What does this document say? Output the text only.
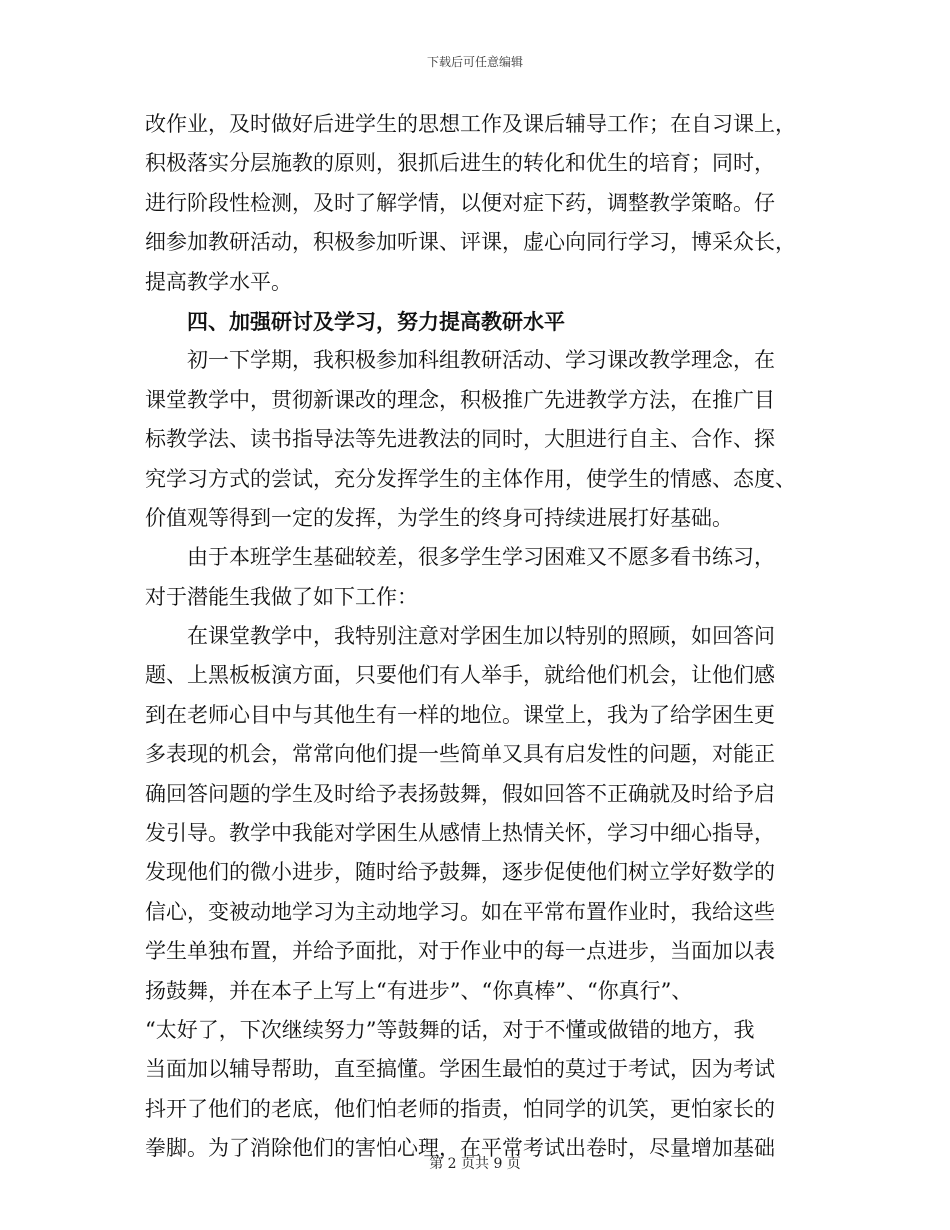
下载后可任意编辑
改作业，及时做好后进学生的思想工作及课后辅导工作；在自习课上，
积极落实分层施教的原则，狠抓后进生的转化和优生的培育；同时，
进行阶段性检测，及时了解学情，以便对症下药，调整教学策略。仔
细参加教研活动，积极参加听课、评课，虚心向同行学习，博采众长，
提高教学水平。
四、加强研讨及学习，努力提高教研水平
初一下学期，我积极参加科组教研活动、学习课改教学理念，在
课堂教学中，贯彻新课改的理念，积极推广先进教学方法，在推广目
标教学法、读书指导法等先进教法的同时，大胆进行自主、合作、探
究学习方式的尝试，充分发挥学生的主体作用，使学生的情感、态度、
价值观等得到一定的发挥，为学生的终身可持续进展打好基础。
由于本班学生基础较差，很多学生学习困难又不愿多看书练习，
对于潜能生我做了如下工作：
在课堂教学中，我特别注意对学困生加以特别的照顾，如回答问
题、上黑板板演方面，只要他们有人举手，就给他们机会，让他们感
到在老师心目中与其他生有一样的地位。课堂上，我为了给学困生更
多表现的机会，常常向他们提一些简单又具有启发性的问题，对能正
确回答问题的学生及时给予表扬鼓舞，假如回答不正确就及时给予启
发引导。教学中我能对学困生从感情上热情关怀，学习中细心指导，
发现他们的微小进步，随时给予鼓舞，逐步促使他们树立学好数学的
信心，变被动地学习为主动地学习。如在平常布置作业时，我给这些
学生单独布置，并给予面批，对于作业中的每一点进步，当面加以表
扬鼓舞，并在本子上写上“有进步”、“你真棒”、“你真行”、
“太好了，下次继续努力”等鼓舞的话，对于不懂或做错的地方，我
当面加以辅导帮助，直至搞懂。学困生最怕的莫过于考试，因为考试
抖开了他们的老底，他们怕老师的指责，怕同学的讥笑，更怕家长的
拳脚。为了消除他们的害怕心理，在平常考试出卷时，尽量增加基础
第 2 页共 9 页
